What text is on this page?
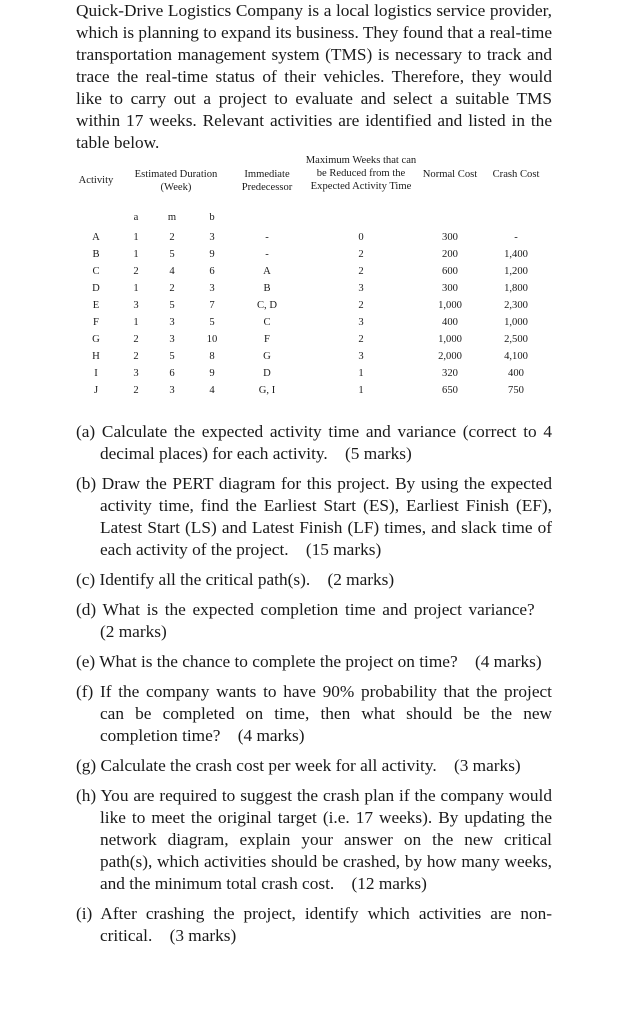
Quick-Drive Logistics Company is a local logistics service provider, which is planning to expand its business. They found that a real-time transportation management system (TMS) is necessary to track and trace the real-time status of their vehicles. Therefore, they would like to carry out a project to evaluate and select a suitable TMS within 17 weeks. Relevant activities are identified and listed in the table below.

Activity	Estimated Duration (Week)			Immediate Predecessor	Maximum Weeks that can be Reduced from the Expected Activity Time	Normal Cost	Crash Cost
	a	m	b				
A	1	2	3	-	0	300	-
B	1	5	9	-	2	200	1,400
C	2	4	6	A	2	600	1,200
D	1	2	3	B	3	300	1,800
E	3	5	7	C, D	2	1,000	2,300
F	1	3	5	C	3	400	1,000
G	2	3	10	F	2	1,000	2,500
H	2	5	8	G	3	2,000	4,100
I	3	6	9	D	1	320	400
J	2	3	4	G, I	1	650	750
(a) Calculate the expected activity time and variance (correct to 4 decimal places) for each activity.  (5 marks)
(b) Draw the PERT diagram for this project. By using the expected activity time, find the Earliest Start (ES), Earliest Finish (EF), Latest Start (LS) and Latest Finish (LF) times, and slack time of each activity of the project.  (15 marks)
(c) Identify all the critical path(s).  (2 marks)
(d) What is the expected completion time and project variance? (2 marks)
(e) What is the chance to complete the project on time?  (4 marks)
(f) If the company wants to have 90% probability that the project can be completed on time, then what should be the new completion time?  (4 marks)
(g) Calculate the crash cost per week for all activity.  (3 marks)
(h) You are required to suggest the crash plan if the company would like to meet the original target (i.e. 17 weeks). By updating the network diagram, explain your answer on the new critical path(s), which activities should be crashed, by how many weeks, and the minimum total crash cost.  (12 marks)
(i) After crashing the project, identify which activities are non-critical.  (3 marks)
